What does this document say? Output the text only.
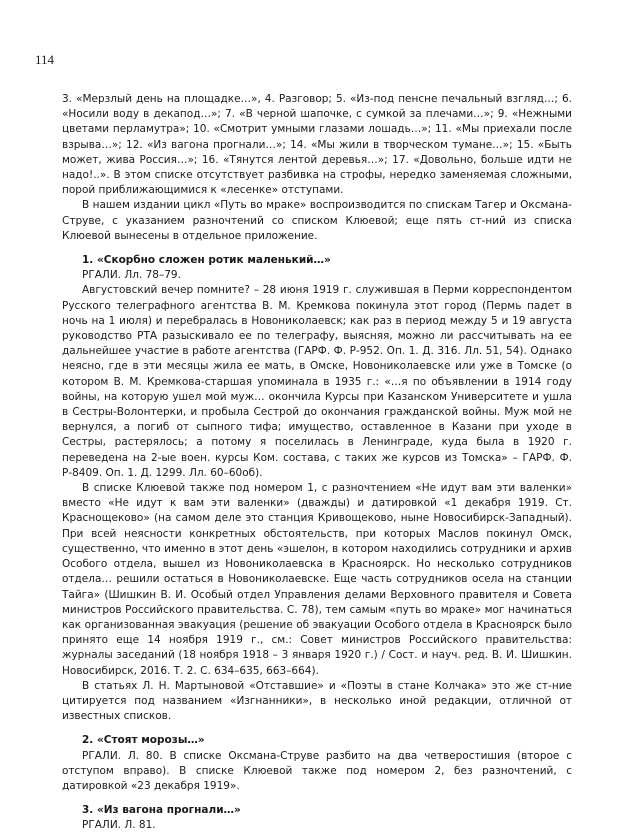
114

3. «Мерзлый день на площадке…», 4. Разговор; 5. «Из-под пенсне печальный взгляд…; 6. «Носили воду в декапод…»; 7. «В черной шапочке, с сумкой за плечами…»; 9. «Нежными цветами перламутра»; 10. «Смотрит умными глазами лошадь…»; 11. «Мы приехали после взрыва…»; 12. «Из вагона прогнали…»; 14. «Мы жили в творческом тумане…»; 15. «Быть может, жива Россия…»; 16. «Тянутся лентой деревья…»; 17. «Довольно, больше идти не надо!..». В этом списке отсутствует разбивка на строфы, нередко заменяемая сложными, порой приближающимися к «лесенке» отступами.

В нашем издании цикл «Путь во мраке» воспроизводится по спискам Тагер и Оксмана-Струве, с указанием разночтений со списком Клюевой; еще пять ст-ний из списка Клюевой вынесены в отдельное приложение.

1. «Скорбно сложен ротик маленький…»

РГАЛИ. Лл. 78–79.

Августовский вечер помните? – 28 июня 1919 г. служившая в Перми корреспондентом Русского телеграфного агентства В. М. Кремкова покинула этот город (Пермь падет в ночь на 1 июля) и перебралась в Новониколаевск; как раз в период между 5 и 19 августа руководство РТА разыскивало ее по телеграфу, выясняя, можно ли рассчитывать на ее дальнейшее участие в работе агентства (ГАРФ. Ф. Р-952. Оп. 1. Д. 316. Лл. 51, 54). Однако неясно, где в эти месяцы жила ее мать, в Омске, Новониколаевске или уже в Томске (о котором В. М. Кремкова-старшая упоминала в 1935 г.: «…я по объявлении в 1914 году войны, на которую ушел мой муж… окончила Курсы при Казанском Университете и ушла в Сестры-Волонтерки, и пробыла Сестрой до окончания гражданской войны. Муж мой не вернулся, а погиб от сыпного тифа; имущество, оставленное в Казани при уходе в Сестры, растерялось; а потому я поселилась в Ленинграде, куда была в 1920 г. переведена на 2-ые воен. курсы Ком. состава, с таких же курсов из Томска» – ГАРФ. Ф. Р-8409. Оп. 1. Д. 1299. Лл. 60–60об).

В списке Клюевой также под номером 1, с разночтением «Не идут вам эти валенки» вместо «Не идут к вам эти валенки» (дважды) и датировкой «1 декабря 1919. Ст. Краснощеково» (на самом деле это станция Кривощеково, ныне Новосибирск-Западный). При всей неясности конкретных обстоятельств, при которых Маслов покинул Омск, существенно, что именно в этот день «эшелон, в котором находились сотрудники и архив Особого отдела, вышел из Новониколаевска в Красноярск. Но несколько сотрудников отдела… решили остаться в Новониколаевске. Еще часть сотрудников осела на станции Тайга» (Шишкин В. И. Особый отдел Управления делами Верховного правителя и Совета министров Российского правительства. С. 78), тем самым «путь во мраке» мог начинаться как организованная эвакуация (решение об эвакуации Особого отдела в Красноярск было принято еще 14 ноября 1919 г., см.: Совет министров Российского правительства: журналы заседаний (18 ноября 1918 – 3 января 1920 г.) / Сост. и науч. ред. В. И. Шишкин. Новосибирск, 2016. Т. 2. С. 634–635, 663–664).

В статьях Л. Н. Мартыновой «Отставшие» и «Поэты в стане Колчака» это же ст-ние цитируется под названием «Изгнанники», в несколько иной редакции, отличной от известных списков.

2. «Стоят морозы…»

РГАЛИ. Л. 80. В списке Оксмана-Струве разбито на два четверостишия (второе с отступом вправо). В списке Клюевой также под номером 2, без разночтений, с датировкой «23 декабря 1919».

3. «Из вагона прогнали…»

РГАЛИ. Л. 81.
